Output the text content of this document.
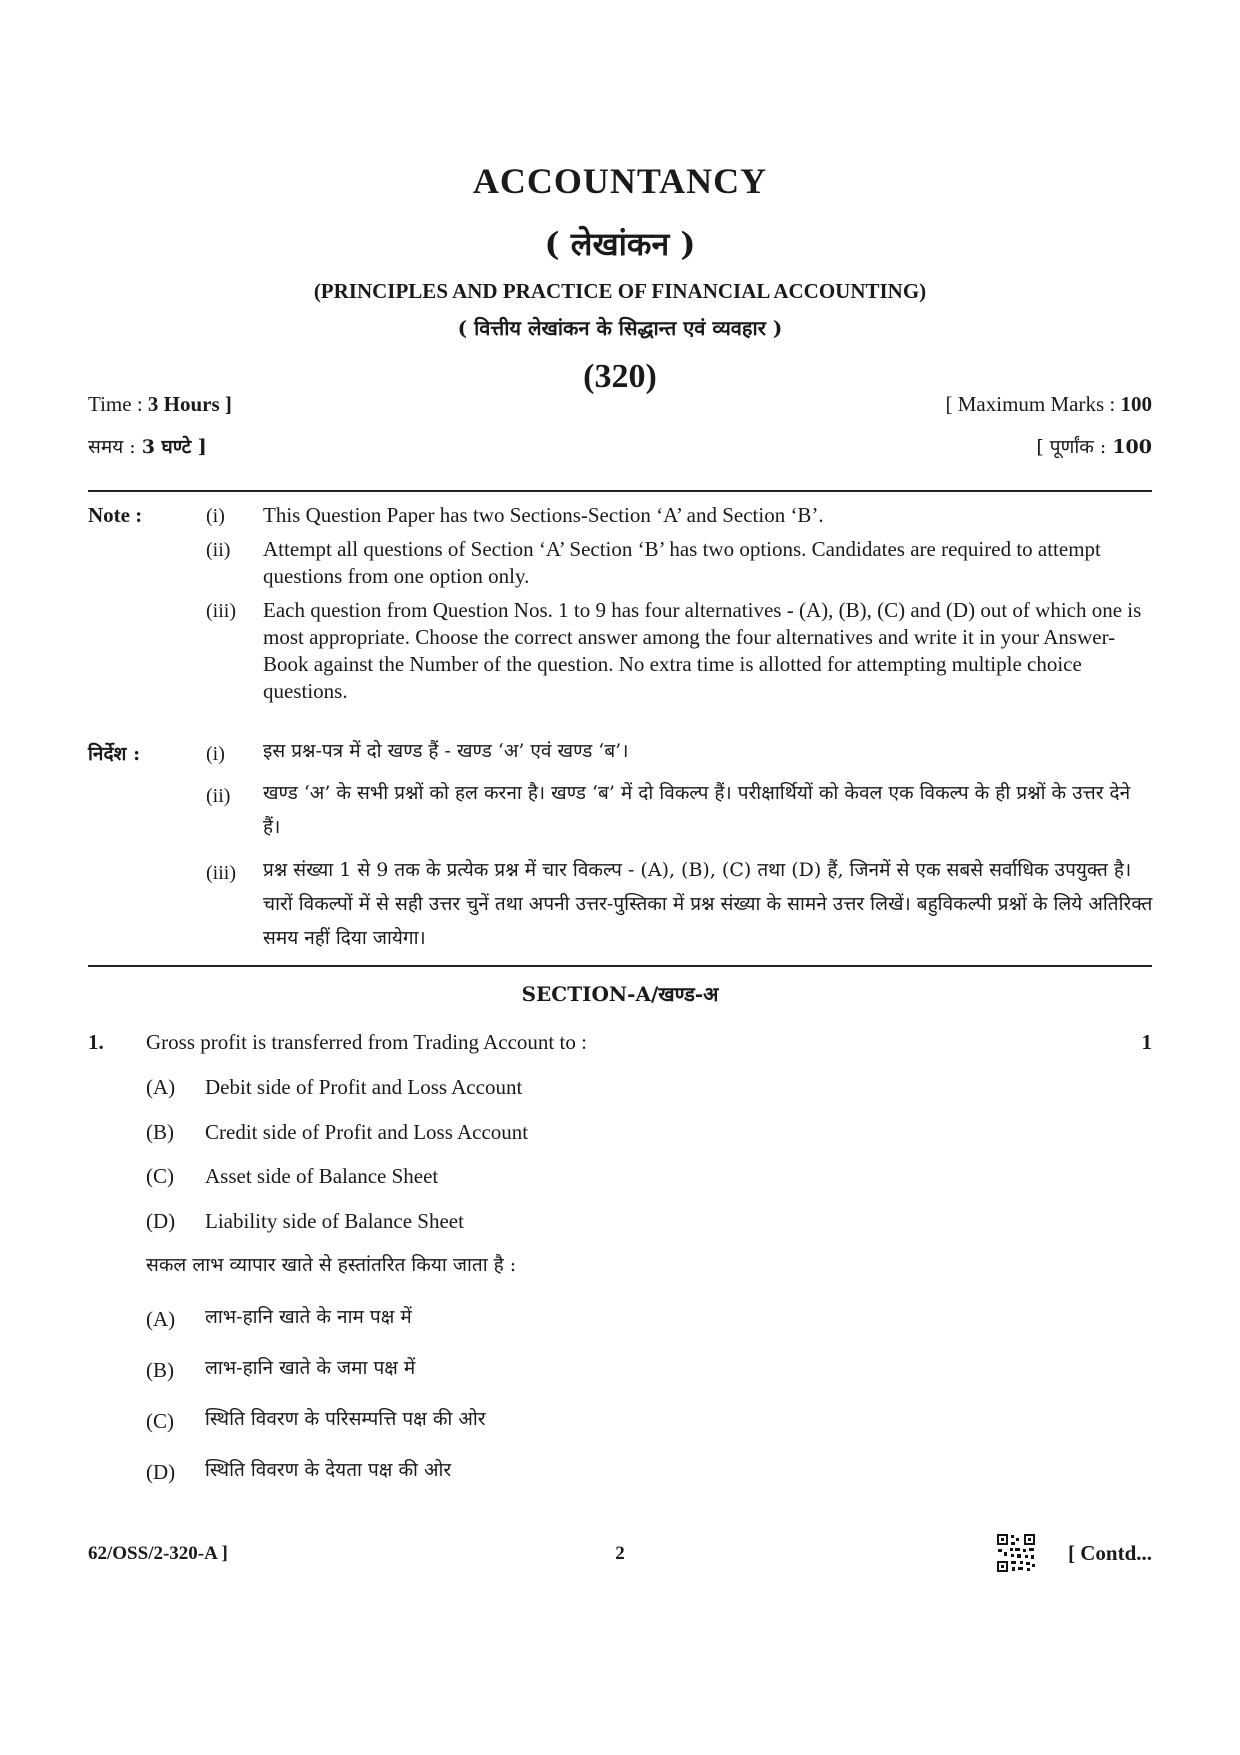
ACCOUNTANCY
( लेखांकन )
(PRINCIPLES AND PRACTICE OF FINANCIAL ACCOUNTING)
( वित्तीय लेखांकन के सिद्धान्त एवं व्यवहार )
(320)
Time : 3 Hours ]	[ Maximum Marks : 100
समय : 3 घण्टे ]	[ पूर्णांक : 100
Note :	(i) This Question Paper has two Sections-Section ‘A’ and Section ‘B’.
(ii) Attempt all questions of Section ‘A’ Section ‘B’ has two options. Candidates are required to attempt questions from one option only.
(iii) Each question from Question Nos. 1 to 9 has four alternatives - (A), (B), (C) and (D) out of which one is most appropriate. Choose the correct answer among the four alternatives and write it in your Answer-Book against the Number of the question. No extra time is allotted for attempting multiple choice questions.
निर्देश :	(i) इस प्रश्न-पत्र में दो खण्ड हैं - खण्ड ‘अ’ एवं खण्ड ‘ब’।
(ii) खण्ड ‘अ’ के सभी प्रश्नों को हल करना है। खण्ड ‘ब’ में दो विकल्प हैं। परीक्षार्थियों को केवल एक विकल्प के ही प्रश्नों के उत्तर देने हैं।
(iii) प्रश्न संख्या 1 से 9 तक के प्रत्येक प्रश्न में चार विकल्प - (A), (B), (C) तथा (D) हैं, जिनमें से एक सबसे सर्वाधिक उपयुक्त है। चारों विकल्पों में से सही उत्तर चुनें तथा अपनी उत्तर-पुस्तिका में प्रश्न संख्या के सामने उत्तर लिखें। बहुविकल्पी प्रश्नों के लिये अतिरिक्त समय नहीं दिया जायेगा।
SECTION-A/खण्ड-अ
1. Gross profit is transferred from Trading Account to :	1
(A) Debit side of Profit and Loss Account
(B) Credit side of Profit and Loss Account
(C) Asset side of Balance Sheet
(D) Liability side of Balance Sheet
सकल लाभ व्यापार खाते से हस्तांतरित किया जाता है :
(A) लाभ-हानि खाते के नाम पक्ष में
(B) लाभ-हानि खाते के जमा पक्ष में
(C) स्थिति विवरण के परिसम्पत्ति पक्ष की ओर
(D) स्थिति विवरण के देयता पक्ष की ओर
62/OSS/2-320-A ]	2	[ Contd...
